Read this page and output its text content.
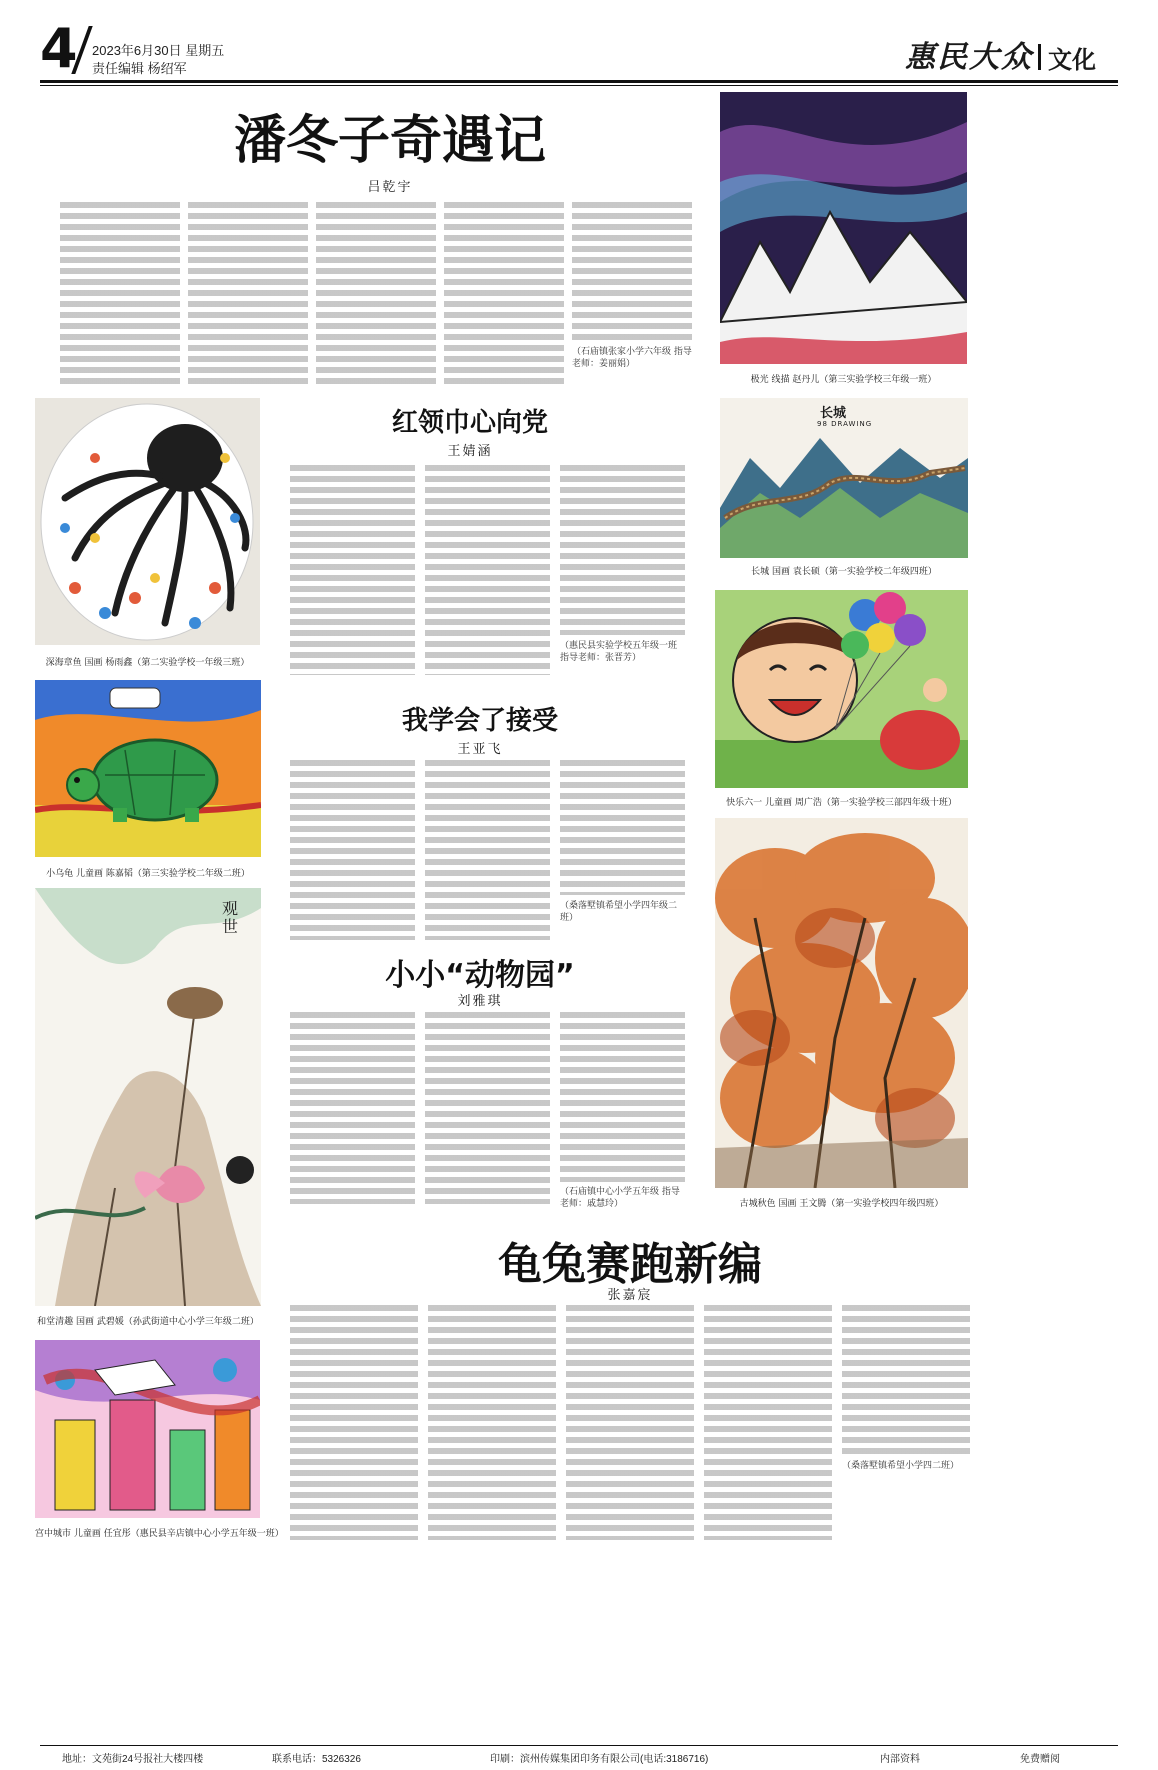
4 2023年6月30日 星期五
责任编辑 杨绍军	惠民大众 文化
潘冬子奇遇记
吕乾宇
（石庙镇张家小学六年级 指导老师：姜丽娟）
极光 线描 赵丹儿（第三实验学校三年级一班）
深海章鱼 国画 杨雨鑫（第二实验学校一年级三班）
红领巾心向党
王婧涵
（惠民县实验学校五年级一班 指导老师：张晋芳）
长城
98 DRAWING
长城 国画 袁长硕（第一实验学校二年级四班）
快乐六一 儿童画 周广浩（第一实验学校三部四年级十班）
小乌龟 儿童画 陈嘉韬（第三实验学校二年级二班）
我学会了接受
王亚飞
（桑落墅镇希望小学四年级二班）
古城秋色 国画 王文腾（第一实验学校四年级四班）
观世
和堂清趣 国画 武碧媛（孙武街道中心小学三年级二班）
小小“动物园”
刘雅琪
（石庙镇中心小学五年级 指导老师：戚慧玲）
龟兔赛跑新编
张嘉宸
（桑落墅镇希望小学四二班）
宫中城市 儿童画 任宜彤（惠民县辛店镇中心小学五年级一班）
地址：文苑街24号报社大楼四楼	联系电话：5326326	印刷：滨州传媒集团印务有限公司(电话:3186716)	内部资料	免费赠阅
